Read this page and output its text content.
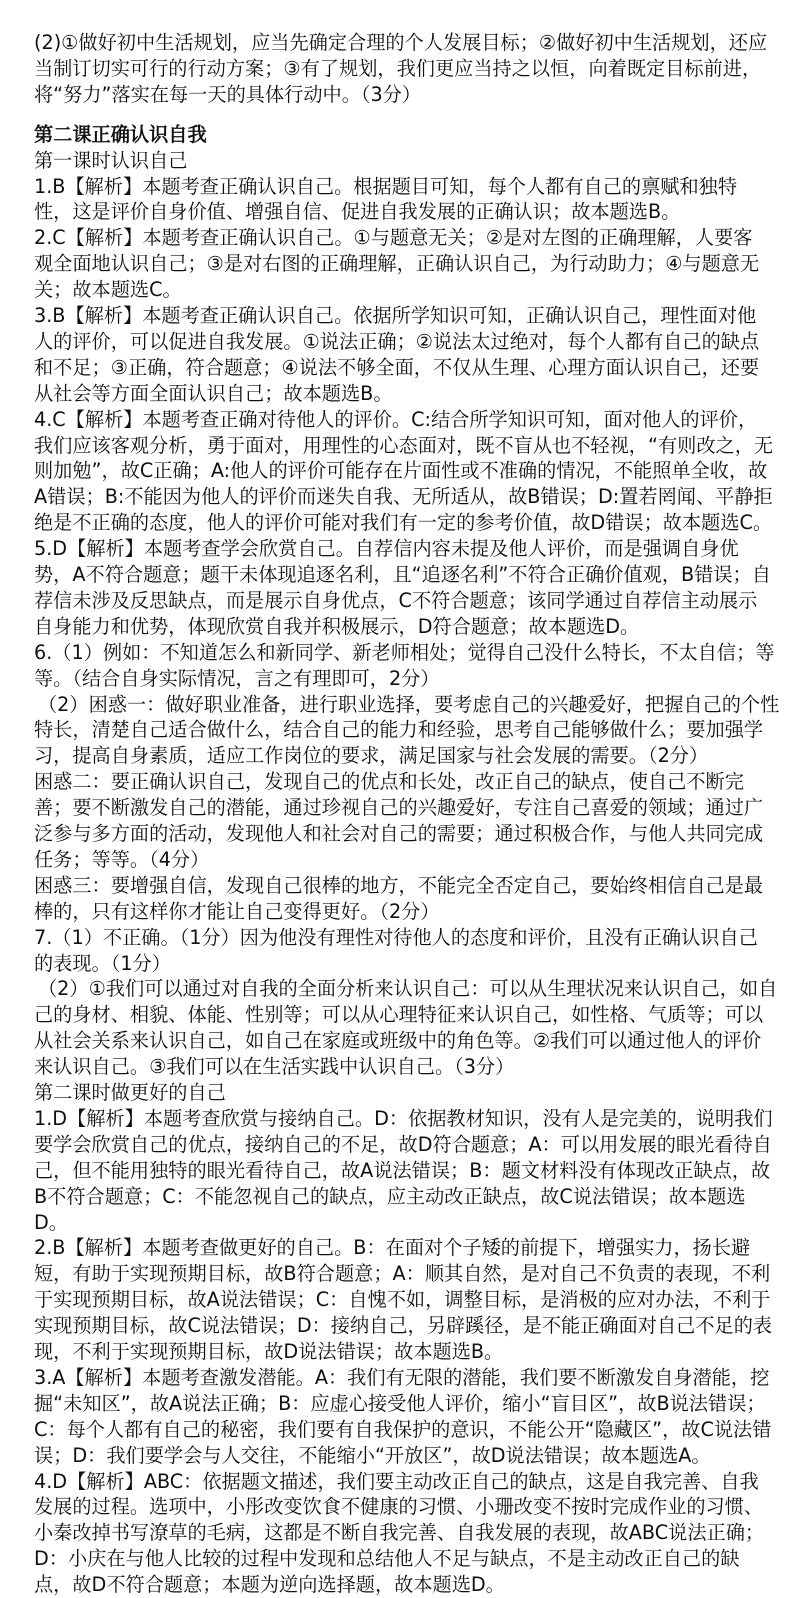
(2)①做好初中生活规划，应当先确定合理的个人发展目标；②做好初中生活规划，还应
当制订切实可行的行动方案；③有了规划，我们更应当持之以恒，向着既定目标前进，
将“努力”落实在每一天的具体行动中。（3分）
第二课正确认识自我
第一课时认识自己
1.B【解析】本题考查正确认识自己。根据题目可知，每个人都有自己的禀赋和独特
性，这是评价自身价值、增强自信、促进自我发展的正确认识；故本题选B。
2.C【解析】本题考查正确认识自己。①与题意无关；②是对左图的正确理解，人要客
观全面地认识自己；③是对右图的正确理解，正确认识自己，为行动助力；④与题意无
关；故本题选C。
3.B【解析】本题考查正确认识自己。依据所学知识可知，正确认识自己，理性面对他
人的评价，可以促进自我发展。①说法正确；②说法太过绝对，每个人都有自己的缺点
和不足；③正确，符合题意；④说法不够全面，不仅从生理、心理方面认识自己，还要
从社会等方面全面认识自己；故本题选B。
4.C【解析】本题考查正确对待他人的评价。C:结合所学知识可知，面对他人的评价，
我们应该客观分析，勇于面对，用理性的心态面对，既不盲从也不轻视，“有则改之，无
则加勉”，故C正确；A:他人的评价可能存在片面性或不准确的情况，不能照单全收，故
A错误；B:不能因为他人的评价而迷失自我、无所适从，故B错误；D:置若罔闻、平静拒
绝是不正确的态度，他人的评价可能对我们有一定的参考价值，故D错误；故本题选C。
5.D【解析】本题考查学会欣赏自己。自荐信内容未提及他人评价，而是强调自身优
势，A不符合题意；题干未体现追逐名利，且“追逐名利”不符合正确价值观，B错误；自
荐信未涉及反思缺点，而是展示自身优点，C不符合题意；该同学通过自荐信主动展示
自身能力和优势，体现欣赏自我并积极展示，D符合题意；故本题选D。
6.（1）例如：不知道怎么和新同学、新老师相处；觉得自己没什么特长，不太自信；等
等。（结合自身实际情况，言之有理即可，2分）
（2）困惑一：做好职业准备，进行职业选择，要考虑自己的兴趣爱好，把握自己的个性
特长，清楚自己适合做什么，结合自己的能力和经验，思考自己能够做什么；要加强学
习，提高自身素质，适应工作岗位的要求，满足国家与社会发展的需要。（2分）
困惑二：要正确认识自己，发现自己的优点和长处，改正自己的缺点，使自己不断完
善；要不断激发自己的潜能，通过珍视自己的兴趣爱好，专注自己喜爱的领域；通过广
泛参与多方面的活动，发现他人和社会对自己的需要；通过积极合作，与他人共同完成
任务；等等。（4分）
困惑三：要增强自信，发现自己很棒的地方，不能完全否定自己，要始终相信自己是最
棒的，只有这样你才能让自己变得更好。（2分）
7.（1）不正确。（1分）因为他没有理性对待他人的态度和评价，且没有正确认识自己
的表现。（1分）
（2）①我们可以通过对自我的全面分析来认识自己：可以从生理状况来认识自己，如自
己的身材、相貌、体能、性别等；可以从心理特征来认识自己，如性格、气质等；可以
从社会关系来认识自己，如自己在家庭或班级中的角色等。②我们可以通过他人的评价
来认识自己。③我们可以在生活实践中认识自己。（3分）
第二课时做更好的自己
1.D【解析】本题考查欣赏与接纳自己。D：依据教材知识，没有人是完美的，说明我们
要学会欣赏自己的优点，接纳自己的不足，故D符合题意；A：可以用发展的眼光看待自
己，但不能用独特的眼光看待自己，故A说法错误；B：题文材料没有体现改正缺点，故
B不符合题意；C：不能忽视自己的缺点，应主动改正缺点，故C说法错误；故本题选
D。
2.B【解析】本题考查做更好的自己。B：在面对个子矮的前提下，增强实力，扬长避
短，有助于实现预期目标，故B符合题意；A：顺其自然，是对自己不负责的表现，不利
于实现预期目标，故A说法错误；C：自愧不如，调整目标，是消极的应对办法，不利于
实现预期目标，故C说法错误；D：接纳自己，另辟蹊径，是不能正确面对自己不足的表
现，不利于实现预期目标，故D说法错误；故本题选B。
3.A【解析】本题考查激发潜能。A：我们有无限的潜能，我们要不断激发自身潜能，挖
掘“未知区”，故A说法正确；B：应虚心接受他人评价，缩小“盲目区”，故B说法错误；
C：每个人都有自己的秘密，我们要有自我保护的意识，不能公开“隐藏区”，故C说法错
误；D：我们要学会与人交往，不能缩小“开放区”，故D说法错误；故本题选A。
4.D【解析】ABC：依据题文描述，我们要主动改正自己的缺点，这是自我完善、自我
发展的过程。选项中，小彤改变饮食不健康的习惯、小珊改变不按时完成作业的习惯、
小秦改掉书写潦草的毛病，这都是不断自我完善、自我发展的表现，故ABC说法正确；
D：小庆在与他人比较的过程中发现和总结他人不足与缺点，不是主动改正自己的缺
点，故D不符合题意；本题为逆向选择题，故本题选D。
